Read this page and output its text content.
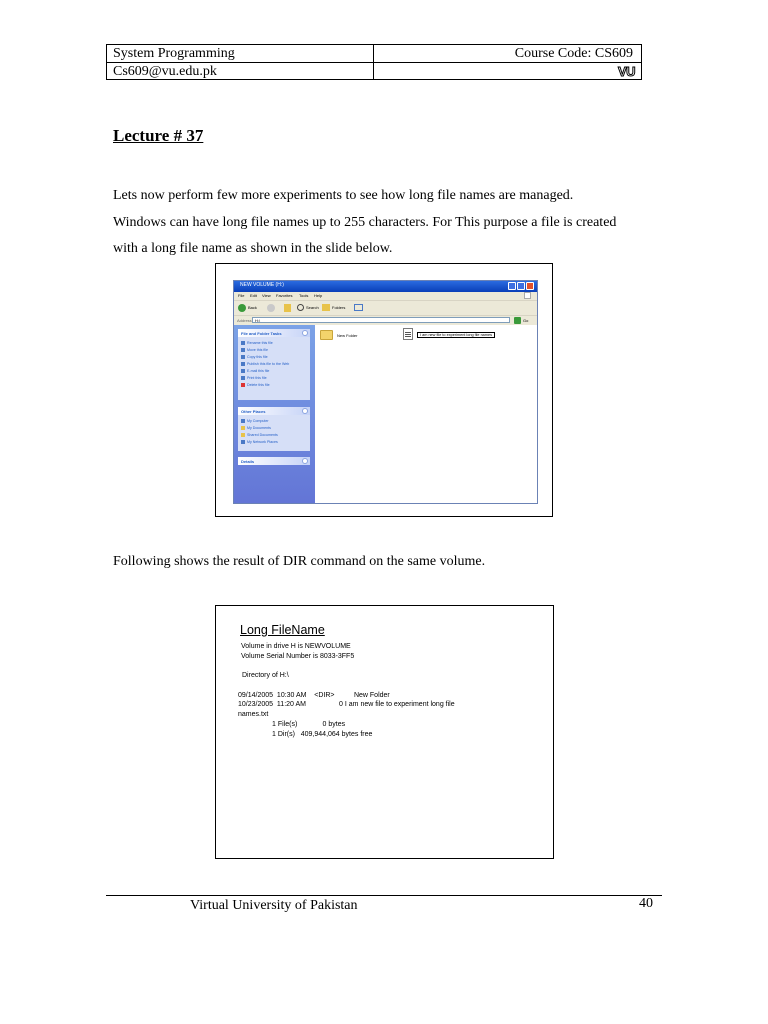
System Programming	Course Code: CS609
Cs609@vu.edu.pk	VU
Lecture # 37

Lets now perform few more experiments to see how long file names are managed.

Windows can have long file names up to 255 characters. For This purpose a file is created

with a long file name as shown in the slide below.

NEW VOLUME (H:)
File Edit View Favorites Tools Help
Back	Search	Folders
Address H:\	Go
File and Folder Tasks
Rename this file
Move this file
Copy this file
Publish this file to the Web
E-mail this file
Print this file
Delete this file
Other Places
My Computer
My Documents
Shared Documents
My Network Places
Details
New Folder	I am new file to experiment long file names
Following shows the result of DIR command on the same volume.
Long FileName
Volume in drive H is NEWVOLUME
Volume Serial Number is 8033-3FF5
Directory of H:\
09/14/2005  10:30 AM    <DIR>          New Folder
10/23/2005  11:20 AM                 0 I am new file to experiment long file
names.txt
1 File(s)             0 bytes
1 Dir(s)   409,944,064 bytes free
Virtual University of Pakistan	40
